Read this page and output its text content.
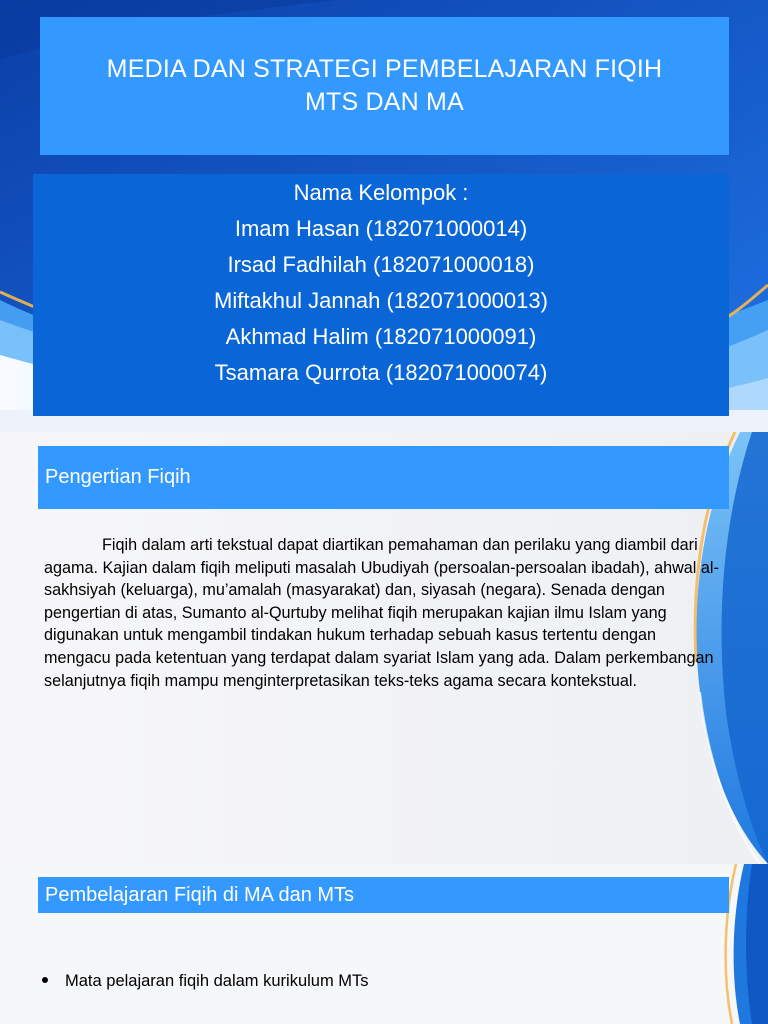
MEDIA DAN STRATEGI PEMBELAJARAN FIQIH
MTS DAN MA
Nama Kelompok :
Imam Hasan (182071000014)
Irsad Fadhilah (182071000018)
Miftakhul Jannah (182071000013)
Akhmad Halim (182071000091)
Tsamara Qurrota (182071000074)
Pengertian Fiqih

Fiqih dalam arti tekstual dapat diartikan pemahaman dan perilaku yang diambil dari agama. Kajian dalam fiqih meliputi masalah Ubudiyah (persoalan-persoalan ibadah), ahwal al-sakhsiyah (keluarga), mu’amalah (masyarakat) dan, siyasah (negara). Senada dengan pengertian di atas, Sumanto al-Qurtuby melihat fiqih merupakan kajian ilmu Islam yang digunakan untuk mengambil tindakan hukum terhadap sebuah kasus tertentu dengan mengacu pada ketentuan yang terdapat dalam syariat Islam yang ada. Dalam perkembangan selanjutnya fiqih mampu menginterpretasikan teks-teks agama secara kontekstual.

Pembelajaran Fiqih di MA dan MTs
Mata pelajaran fiqih dalam kurikulum MTs
